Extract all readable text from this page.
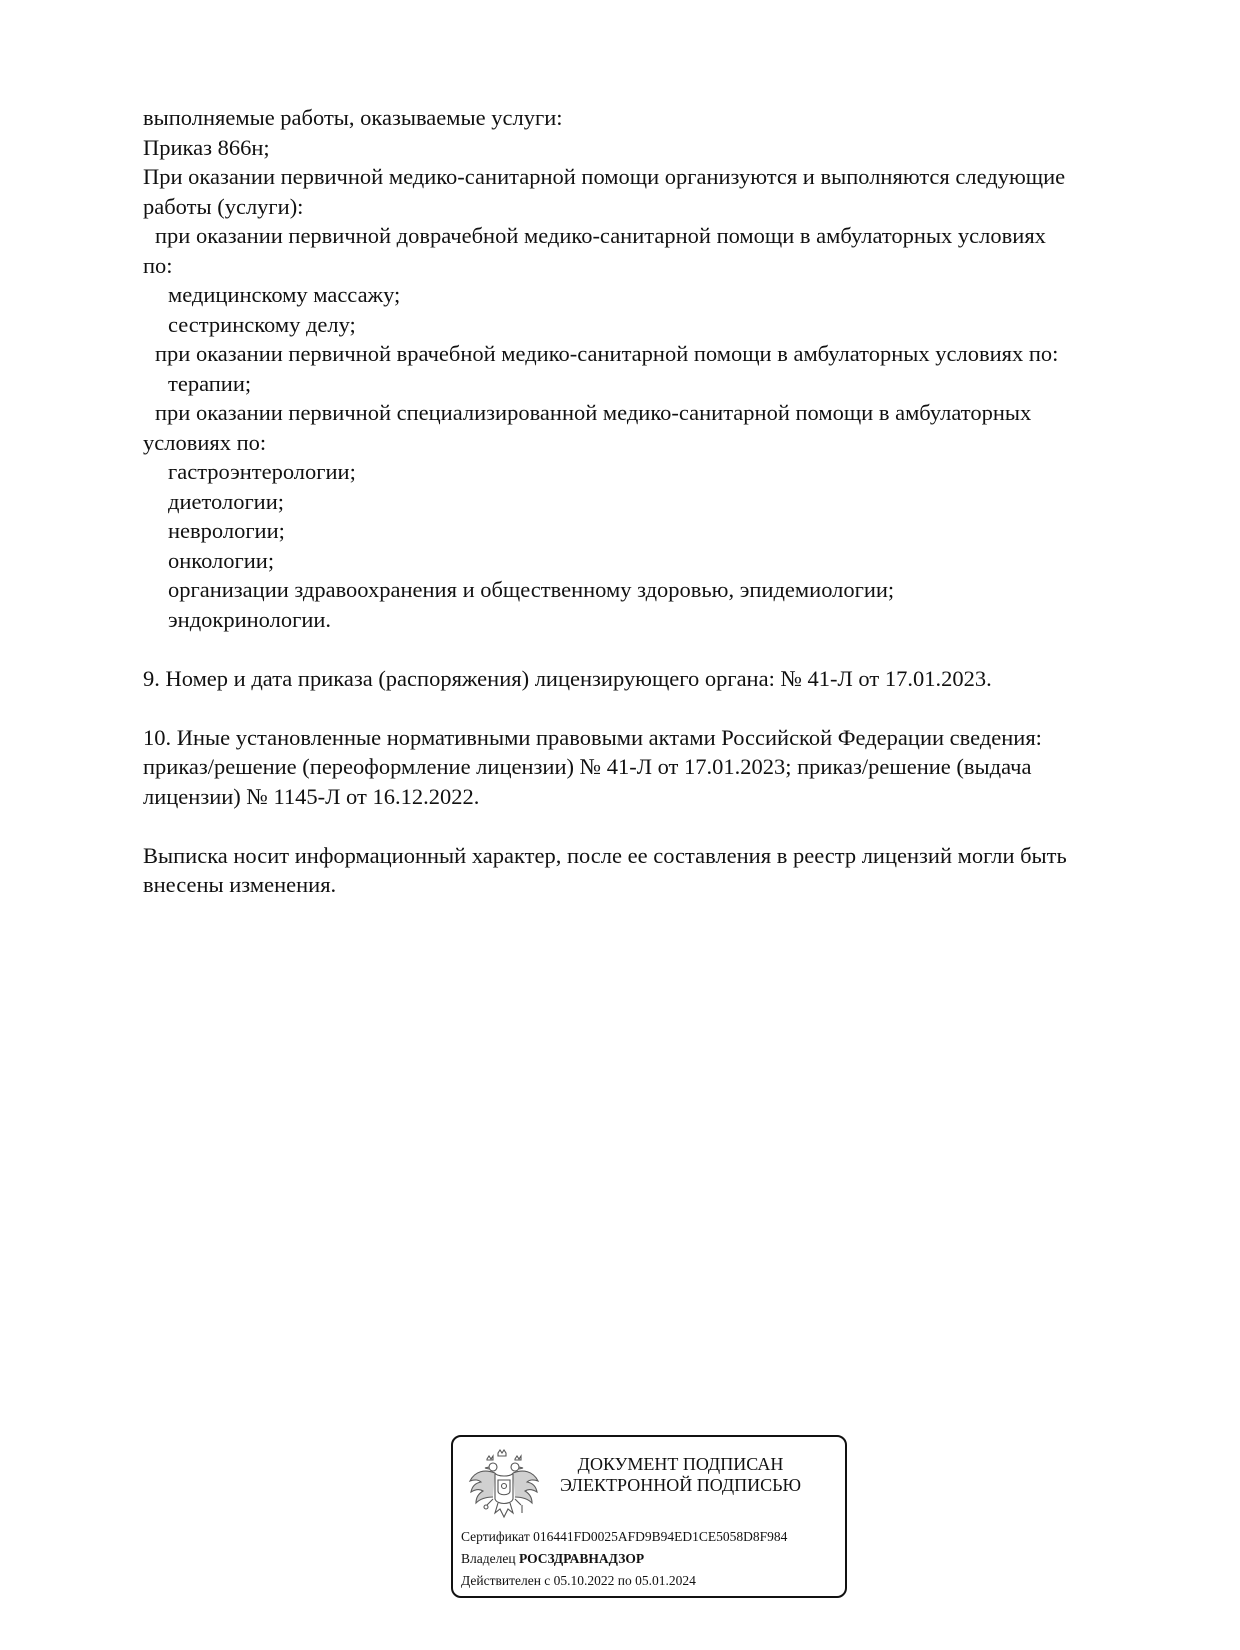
выполняемые работы, оказываемые услуги:
Приказ 866н;
При оказании первичной медико-санитарной помощи организуются и выполняются следующие
работы (услуги):
при оказании первичной доврачебной медико-санитарной помощи в амбулаторных условиях
по:
медицинскому массажу;
сестринскому делу;
при оказании первичной врачебной медико-санитарной помощи в амбулаторных условиях по:
терапии;
при оказании первичной специализированной медико-санитарной помощи в амбулаторных
условиях по:
гастроэнтерологии;
диетологии;
неврологии;
онкологии;
организации здравоохранения и общественному здоровью, эпидемиологии;
эндокринологии.
9. Номер и дата приказа (распоряжения) лицензирующего органа: № 41-Л от 17.01.2023.
10. Иные установленные нормативными правовыми актами Российской Федерации сведения:
приказ/решение (переоформление лицензии) № 41-Л от 17.01.2023; приказ/решение (выдача
лицензии) № 1145-Л от 16.12.2022.
Выписка носит информационный характер, после ее составления в реестр лицензий могли быть
внесены изменения.
ДОКУМЕНТ ПОДПИСАН
ЭЛЕКТРОННОЙ ПОДПИСЬЮ
Сертификат 016441FD0025AFD9B94ED1CE5058D8F984
Владелец РОСЗДРАВНАДЗОР
Действителен с 05.10.2022 по 05.01.2024
